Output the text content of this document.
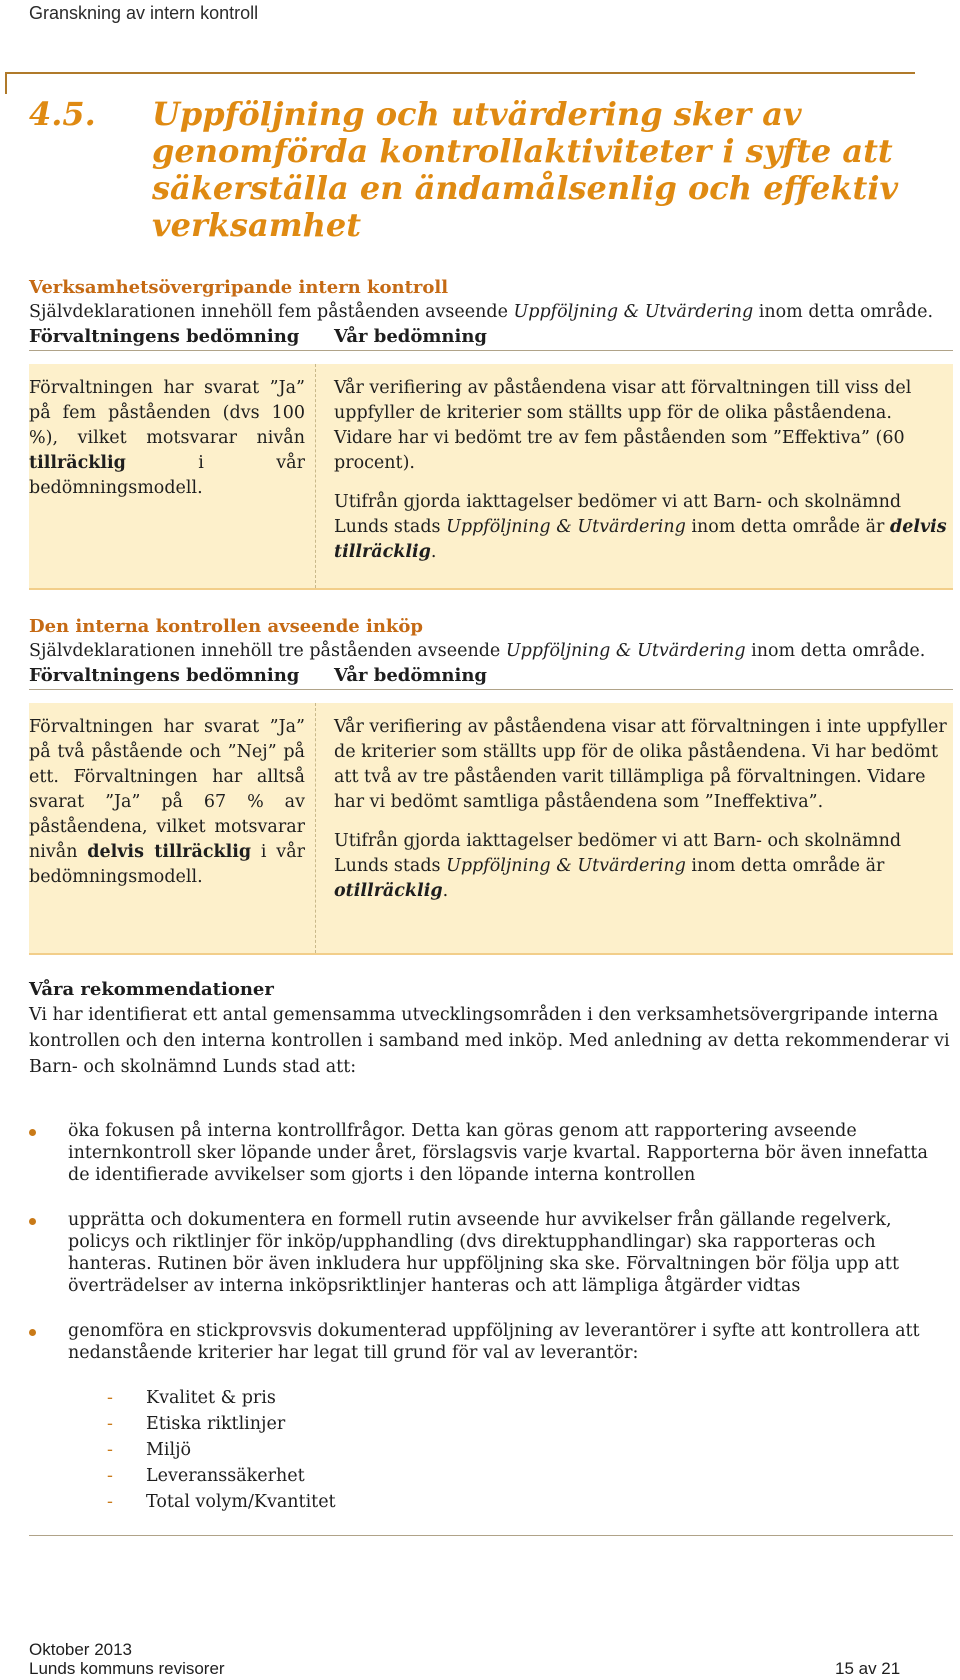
Granskning av intern kontroll
4.5. Uppföljning och utvärdering sker av genomförda kontrollaktiviteter i syfte att säkerställa en ändamålsenlig och effektiv verksamhet
Verksamhetsövergripande intern kontroll
Självdeklarationen innehöll fem påståenden avseende Uppföljning & Utvärdering inom detta område.
Förvaltningens bedömning Vår bedömning
Förvaltningen har svarat ”Ja” på fem påståenden (dvs 100 %), vilket motsvarar nivån tillräcklig i vår bedömningsmodell.

Vår verifiering av påståendena visar att förvaltningen till viss del uppfyller de kriterier som ställts upp för de olika påståendena. Vidare har vi bedömt tre av fem påståenden som ”Effektiva” (60 procent).

Utifrån gjorda iakttagelser bedömer vi att Barn- och skolnämnd Lunds stads Uppföljning & Utvärdering inom detta område är delvis tillräcklig.

Den interna kontrollen avseende inköp
Självdeklarationen innehöll tre påståenden avseende Uppföljning & Utvärdering inom detta område.
Förvaltningens bedömning Vår bedömning
Förvaltningen har svarat ”Ja” på två påstående och ”Nej” på ett. Förvaltningen har alltså svarat ”Ja” på 67 % av påståendena, vilket motsvarar nivån delvis tillräcklig i vår bedömningsmodell.

Vår verifiering av påståendena visar att förvaltningen i inte uppfyller de kriterier som ställts upp för de olika påståendena. Vi har bedömt att två av tre påståenden varit tillämpliga på förvaltningen. Vidare har vi bedömt samtliga påståendena som ”Ineffektiva”.

Utifrån gjorda iakttagelser bedömer vi att Barn- och skolnämnd Lunds stads Uppföljning & Utvärdering inom detta område är otillräcklig.

Våra rekommendationer
Vi har identifierat ett antal gemensamma utvecklingsområden i den verksamhetsövergripande interna kontrollen och den interna kontrollen i samband med inköp. Med anledning av detta rekommenderar vi Barn- och skolnämnd Lunds stad att:
öka fokusen på interna kontrollfrågor. Detta kan göras genom att rapportering avseende internkontroll sker löpande under året, förslagsvis varje kvartal. Rapporterna bör även innefatta de identifierade avvikelser som gjorts i den löpande interna kontrollen
upprätta och dokumentera en formell rutin avseende hur avvikelser från gällande regelverk, policys och riktlinjer för inköp/upphandling (dvs direktupphandlingar) ska rapporteras och hanteras. Rutinen bör även inkludera hur uppföljning ska ske. Förvaltningen bör följa upp att överträdelser av interna inköpsriktlinjer hanteras och att lämpliga åtgärder vidtas
genomföra en stickprovsvis dokumenterad uppföljning av leverantörer i syfte att kontrollera att nedanstående kriterier har legat till grund för val av leverantör:
- Kvalitet & pris
- Etiska riktlinjer
- Miljö
- Leveranssäkerhet
- Total volym/Kvantitet
Oktober 2013
Lunds kommuns revisorer	15 av 21
